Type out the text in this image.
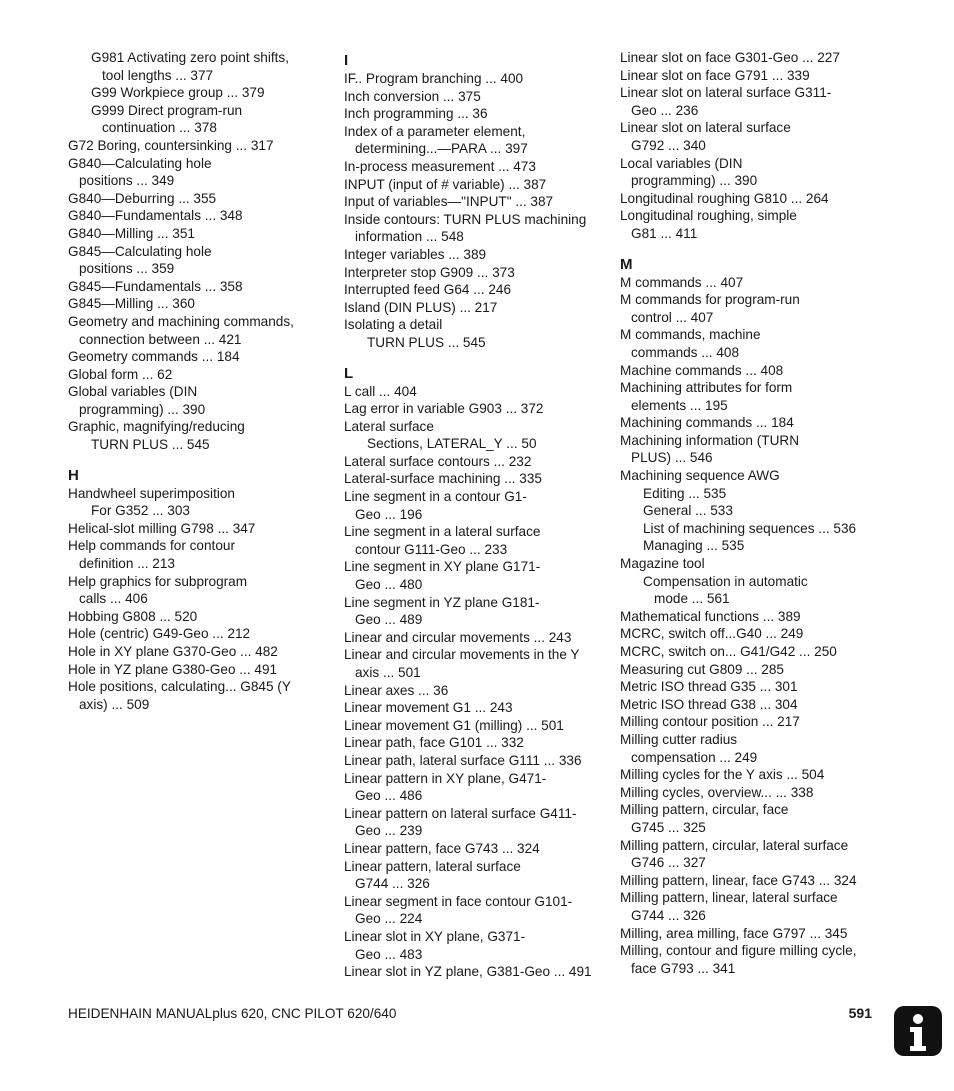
G981 Activating zero point shifts,
tool lengths ... 377
G99 Workpiece group ... 379
G999 Direct program-run
continuation ... 378
G72 Boring, countersinking ... 317
G840—Calculating hole
positions ... 349
G840—Deburring ... 355
G840—Fundamentals ... 348
G840—Milling ... 351
G845—Calculating hole
positions ... 359
G845—Fundamentals ... 358
G845—Milling ... 360
Geometry and machining commands,
connection between ... 421
Geometry commands ... 184
Global form ... 62
Global variables (DIN
programming) ... 390
Graphic, magnifying/reducing
TURN PLUS ... 545
H
Handwheel superimposition
For G352 ... 303
Helical-slot milling G798 ... 347
Help commands for contour
definition ... 213
Help graphics for subprogram
calls ... 406
Hobbing G808 ... 520
Hole (centric) G49-Geo ... 212
Hole in XY plane G370-Geo ... 482
Hole in YZ plane G380-Geo ... 491
Hole positions, calculating... G845 (Y
axis) ... 509
I
IF.. Program branching ... 400
Inch conversion ... 375
Inch programming ... 36
Index of a parameter element,
determining...—PARA ... 397
In-process measurement ... 473
INPUT (input of # variable) ... 387
Input of variables—"INPUT" ... 387
Inside contours: TURN PLUS machining
information ... 548
Integer variables ... 389
Interpreter stop G909 ... 373
Interrupted feed G64 ... 246
Island (DIN PLUS) ... 217
Isolating a detail
TURN PLUS ... 545
L
L call ... 404
Lag error in variable G903 ... 372
Lateral surface
Sections, LATERAL_Y ... 50
Lateral surface contours ... 232
Lateral-surface machining ... 335
Line segment in a contour G1-
Geo ... 196
Line segment in a lateral surface
contour G111-Geo ... 233
Line segment in XY plane G171-
Geo ... 480
Line segment in YZ plane G181-
Geo ... 489
Linear and circular movements ... 243
Linear and circular movements in the Y
axis ... 501
Linear axes ... 36
Linear movement G1 ... 243
Linear movement G1 (milling) ... 501
Linear path, face G101 ... 332
Linear path, lateral surface G111 ... 336
Linear pattern in XY plane, G471-
Geo ... 486
Linear pattern on lateral surface G411-
Geo ... 239
Linear pattern, face G743 ... 324
Linear pattern, lateral surface
G744 ... 326
Linear segment in face contour G101-
Geo ... 224
Linear slot in XY plane, G371-
Geo ... 483
Linear slot in YZ plane, G381-Geo ... 491
Linear slot on face G301-Geo ... 227
Linear slot on face G791 ... 339
Linear slot on lateral surface G311-
Geo ... 236
Linear slot on lateral surface
G792 ... 340
Local variables (DIN
programming) ... 390
Longitudinal roughing G810 ... 264
Longitudinal roughing, simple
G81 ... 411
M
M commands ... 407
M commands for program-run
control ... 407
M commands, machine
commands ... 408
Machine commands ... 408
Machining attributes for form
elements ... 195
Machining commands ... 184
Machining information (TURN
PLUS) ... 546
Machining sequence AWG
Editing ... 535
General ... 533
List of machining sequences ... 536
Managing ... 535
Magazine tool
Compensation in automatic
mode ... 561
Mathematical functions ... 389
MCRC, switch off...G40 ... 249
MCRC, switch on... G41/G42 ... 250
Measuring cut G809 ... 285
Metric ISO thread G35 ... 301
Metric ISO thread G38 ... 304
Milling contour position ... 217
Milling cutter radius
compensation ... 249
Milling cycles for the Y axis ... 504
Milling cycles, overview... ... 338
Milling pattern, circular, face
G745 ... 325
Milling pattern, circular, lateral surface
G746 ... 327
Milling pattern, linear, face G743 ... 324
Milling pattern, linear, lateral surface
G744 ... 326
Milling, area milling, face G797 ... 345
Milling, contour and figure milling cycle,
face G793 ... 341
HEIDENHAIN MANUALplus 620, CNC PILOT 620/640	591
